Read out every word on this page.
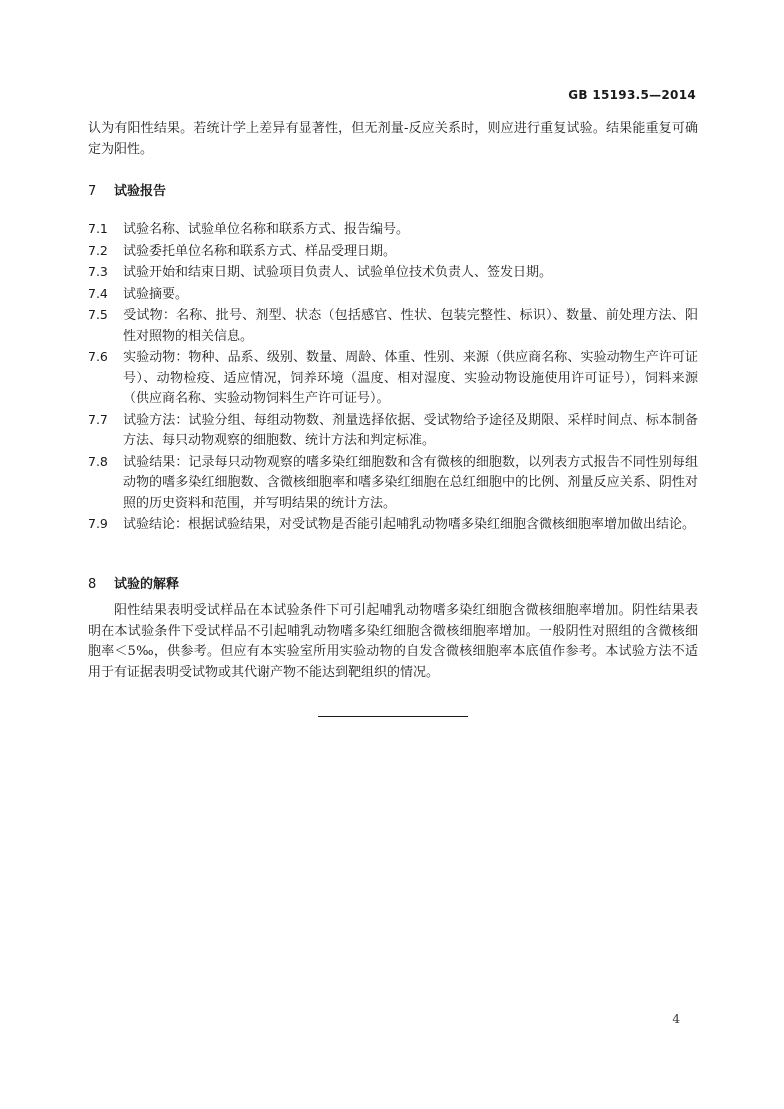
GB 15193.5—2014
认为有阳性结果。若统计学上差异有显著性，但无剂量-反应关系时，则应进行重复试验。结果能重复可确定为阳性。
7 试验报告
7.1 试验名称、试验单位名称和联系方式、报告编号。
7.2 试验委托单位名称和联系方式、样品受理日期。
7.3 试验开始和结束日期、试验项目负责人、试验单位技术负责人、签发日期。
7.4 试验摘要。
7.5 受试物：名称、批号、剂型、状态（包括感官、性状、包装完整性、标识）、数量、前处理方法、阳性对照物的相关信息。
7.6 实验动物：物种、品系、级别、数量、周龄、体重、性别、来源（供应商名称、实验动物生产许可证号）、动物检疫、适应情况，饲养环境（温度、相对湿度、实验动物设施使用许可证号），饲料来源（供应商名称、实验动物饲料生产许可证号）。
7.7 试验方法：试验分组、每组动物数、剂量选择依据、受试物给予途径及期限、采样时间点、标本制备方法、每只动物观察的细胞数、统计方法和判定标准。
7.8 试验结果：记录每只动物观察的嗜多染红细胞数和含有微核的细胞数，以列表方式报告不同性别每组动物的嗜多染红细胞数、含微核细胞率和嗜多染红细胞在总红细胞中的比例、剂量反应关系、阴性对照的历史资料和范围，并写明结果的统计方法。
7.9 试验结论：根据试验结果，对受试物是否能引起哺乳动物嗜多染红细胞含微核细胞率增加做出结论。
8 试验的解释
阳性结果表明受试样品在本试验条件下可引起哺乳动物嗜多染红细胞含微核细胞率增加。阴性结果表明在本试验条件下受试样品不引起哺乳动物嗜多染红细胞含微核细胞率增加。一般阴性对照组的含微核细胞率＜5‰，供参考。但应有本实验室所用实验动物的自发含微核细胞率本底值作参考。本试验方法不适用于有证据表明受试物或其代谢产物不能达到靶组织的情况。
4
